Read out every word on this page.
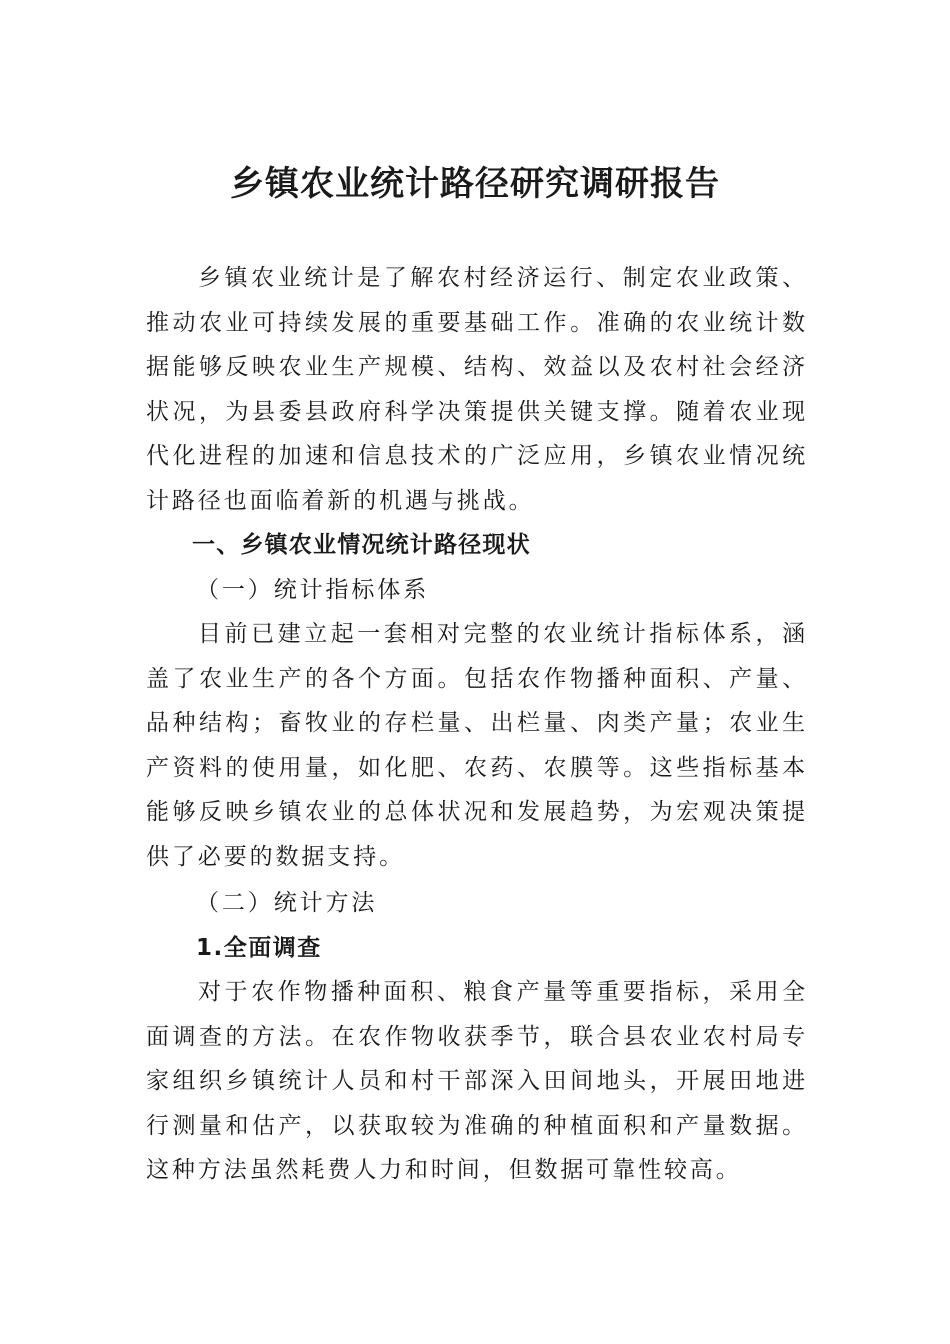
乡镇农业统计路径研究调研报告

乡镇农业统计是了解农村经济运行、制定农业政策、推动农业可持续发展的重要基础工作。准确的农业统计数据能够反映农业生产规模、结构、效益以及农村社会经济状况，为县委县政府科学决策提供关键支撑。随着农业现代化进程的加速和信息技术的广泛应用，乡镇农业情况统计路径也面临着新的机遇与挑战。

一、乡镇农业情况统计路径现状

（一）统计指标体系

目前已建立起一套相对完整的农业统计指标体系，涵盖了农业生产的各个方面。包括农作物播种面积、产量、品种结构；畜牧业的存栏量、出栏量、肉类产量；农业生产资料的使用量，如化肥、农药、农膜等。这些指标基本能够反映乡镇农业的总体状况和发展趋势，为宏观决策提供了必要的数据支持。

（二）统计方法

1.全面调查

对于农作物播种面积、粮食产量等重要指标，采用全面调查的方法。在农作物收获季节，联合县农业农村局专家组织乡镇统计人员和村干部深入田间地头，开展田地进行测量和估产，以获取较为准确的种植面积和产量数据。这种方法虽然耗费人力和时间，但数据可靠性较高。
